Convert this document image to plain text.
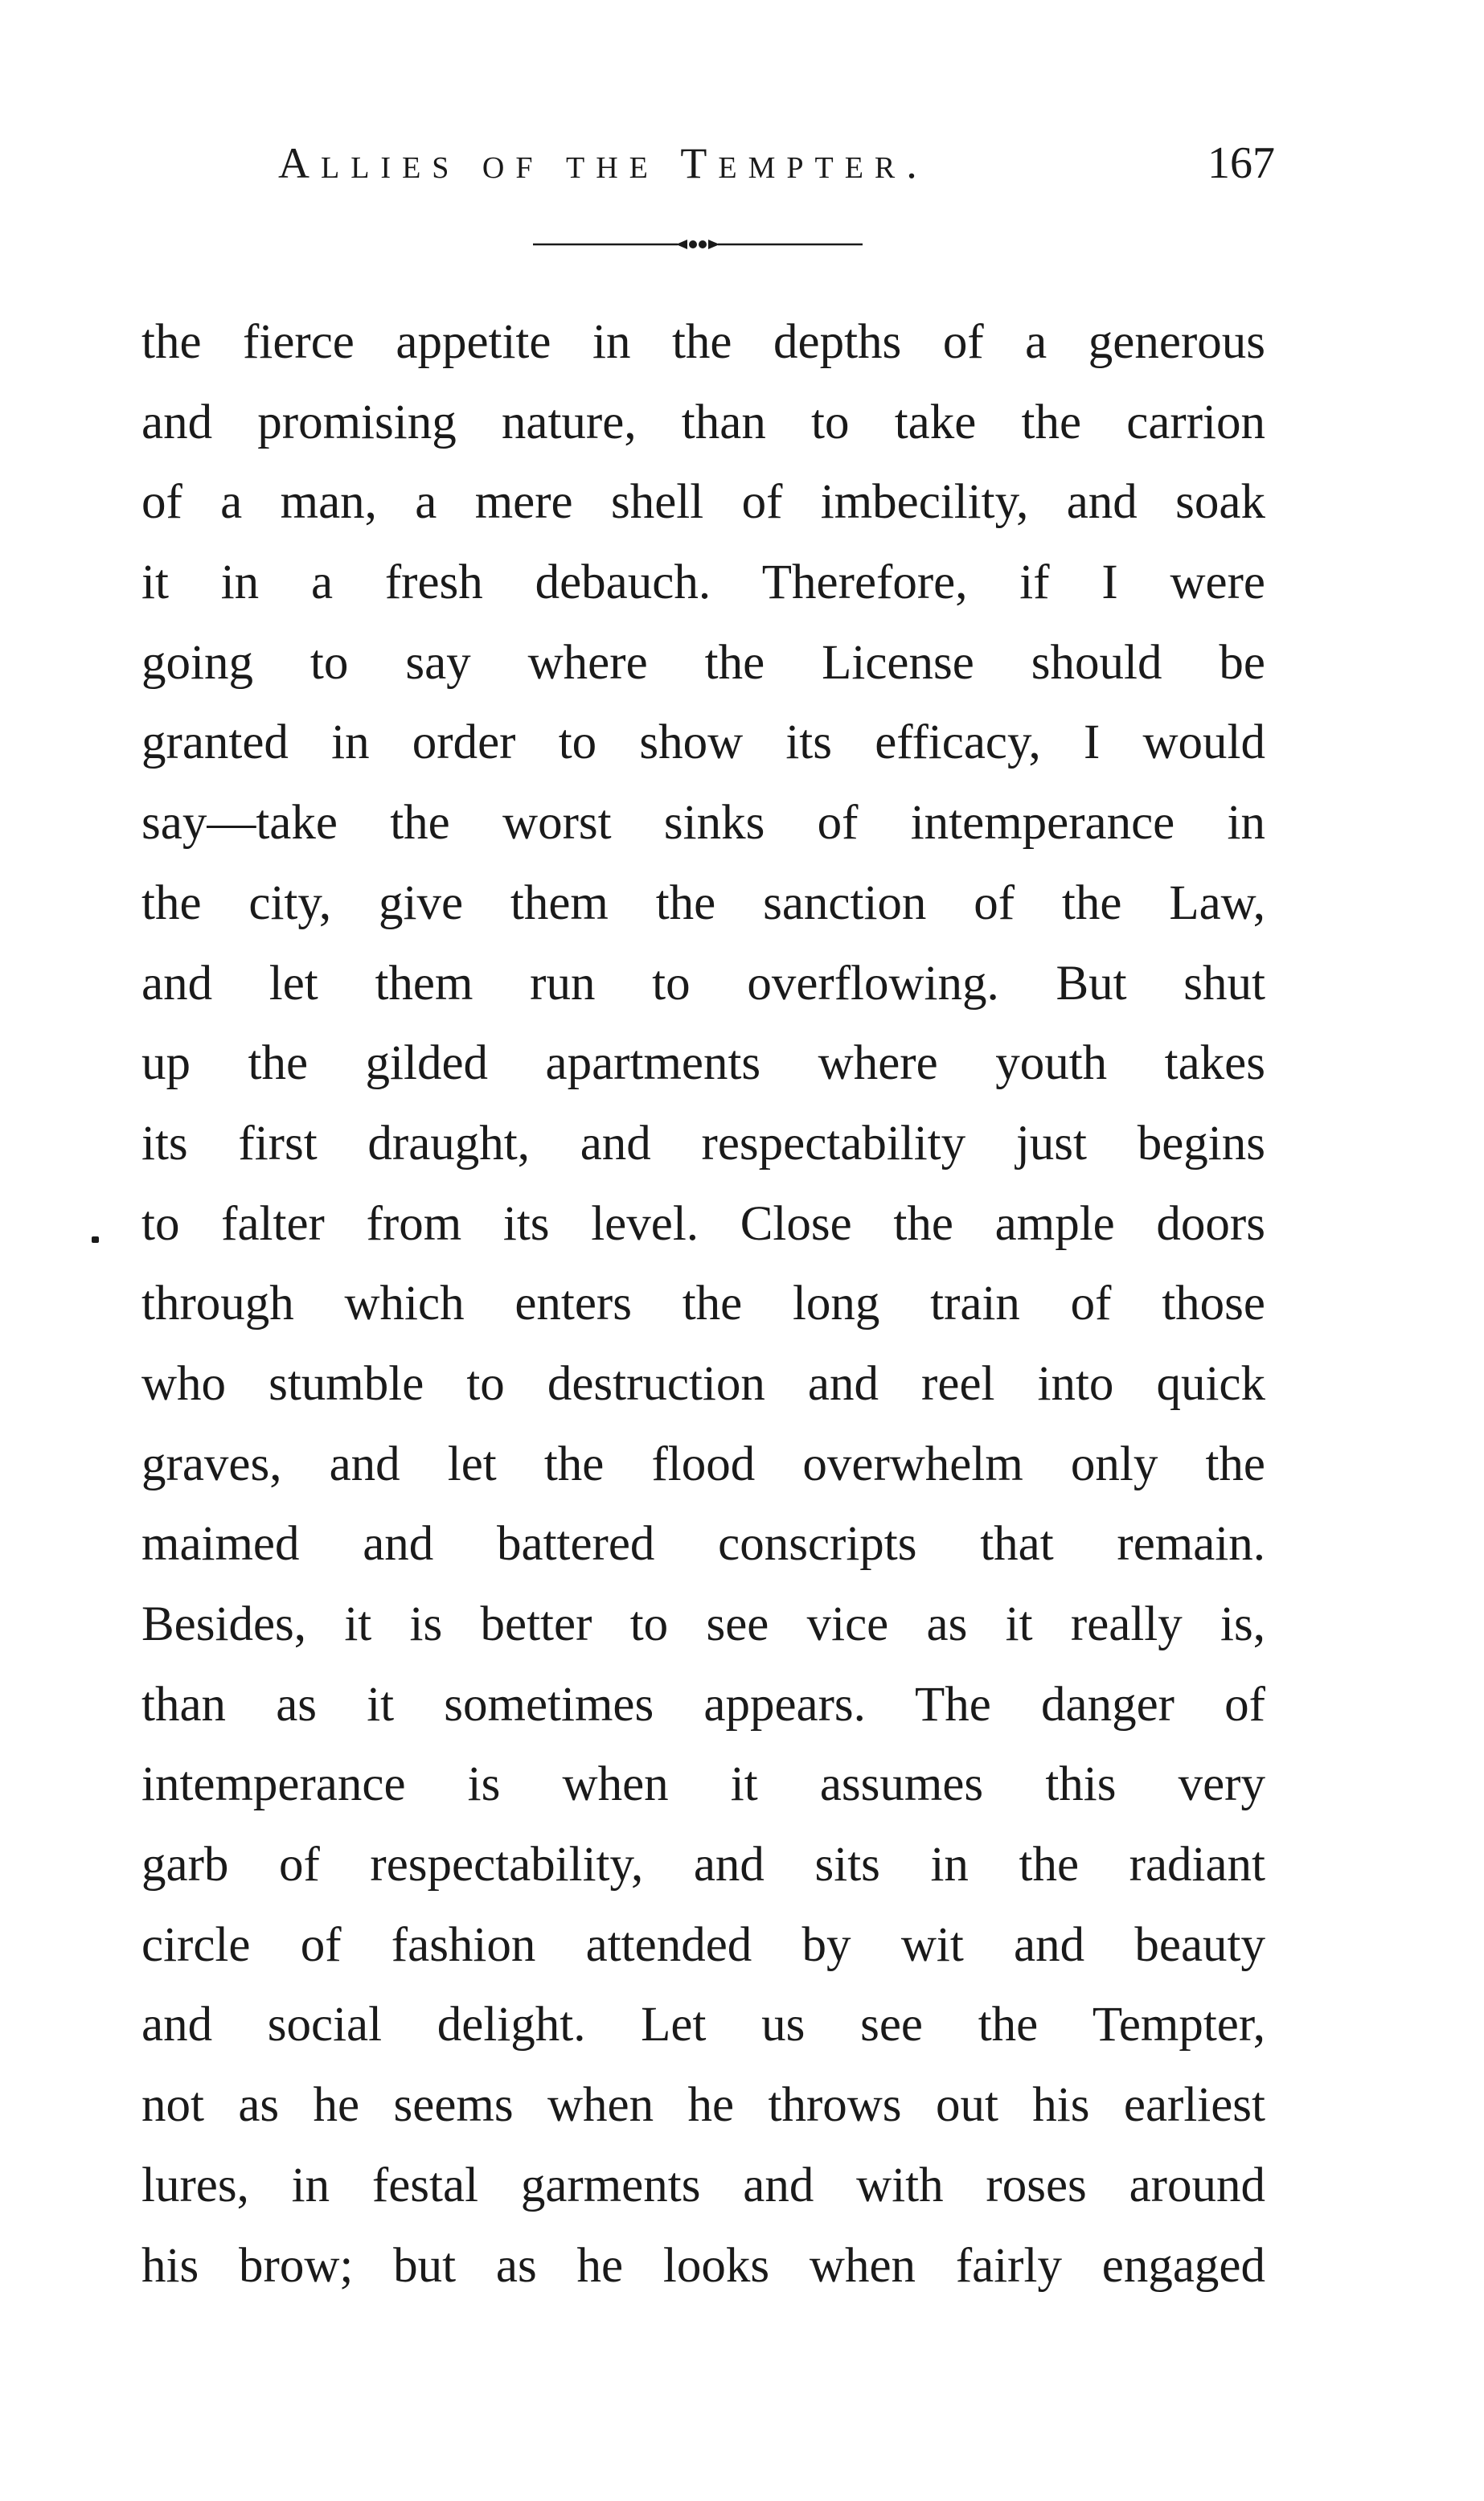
Allies of the Tempter.	167
the fierce appetite in the depths of a generous
and promising nature, than to take the carrion
of a man, a mere shell of imbecility, and soak
it in a fresh debauch. Therefore, if I were
going to say where the License should be
granted in order to show its efficacy, I would
say—take the worst sinks of intemperance in
the city, give them the sanction of the Law,
and let them run to overflowing. But shut
up the gilded apartments where youth takes
its first draught, and respectability just begins
to falter from its level. Close the ample doors
through which enters the long train of those
who stumble to destruction and reel into quick
graves, and let the flood overwhelm only the
maimed and battered conscripts that remain.
Besides, it is better to see vice as it really is,
than as it sometimes appears. The danger of
intemperance is when it assumes this very
garb of respectability, and sits in the radiant
circle of fashion attended by wit and beauty
and social delight. Let us see the Tempter,
not as he seems when he throws out his earliest
lures, in festal garments and with roses around
his brow; but as he looks when fairly engaged
